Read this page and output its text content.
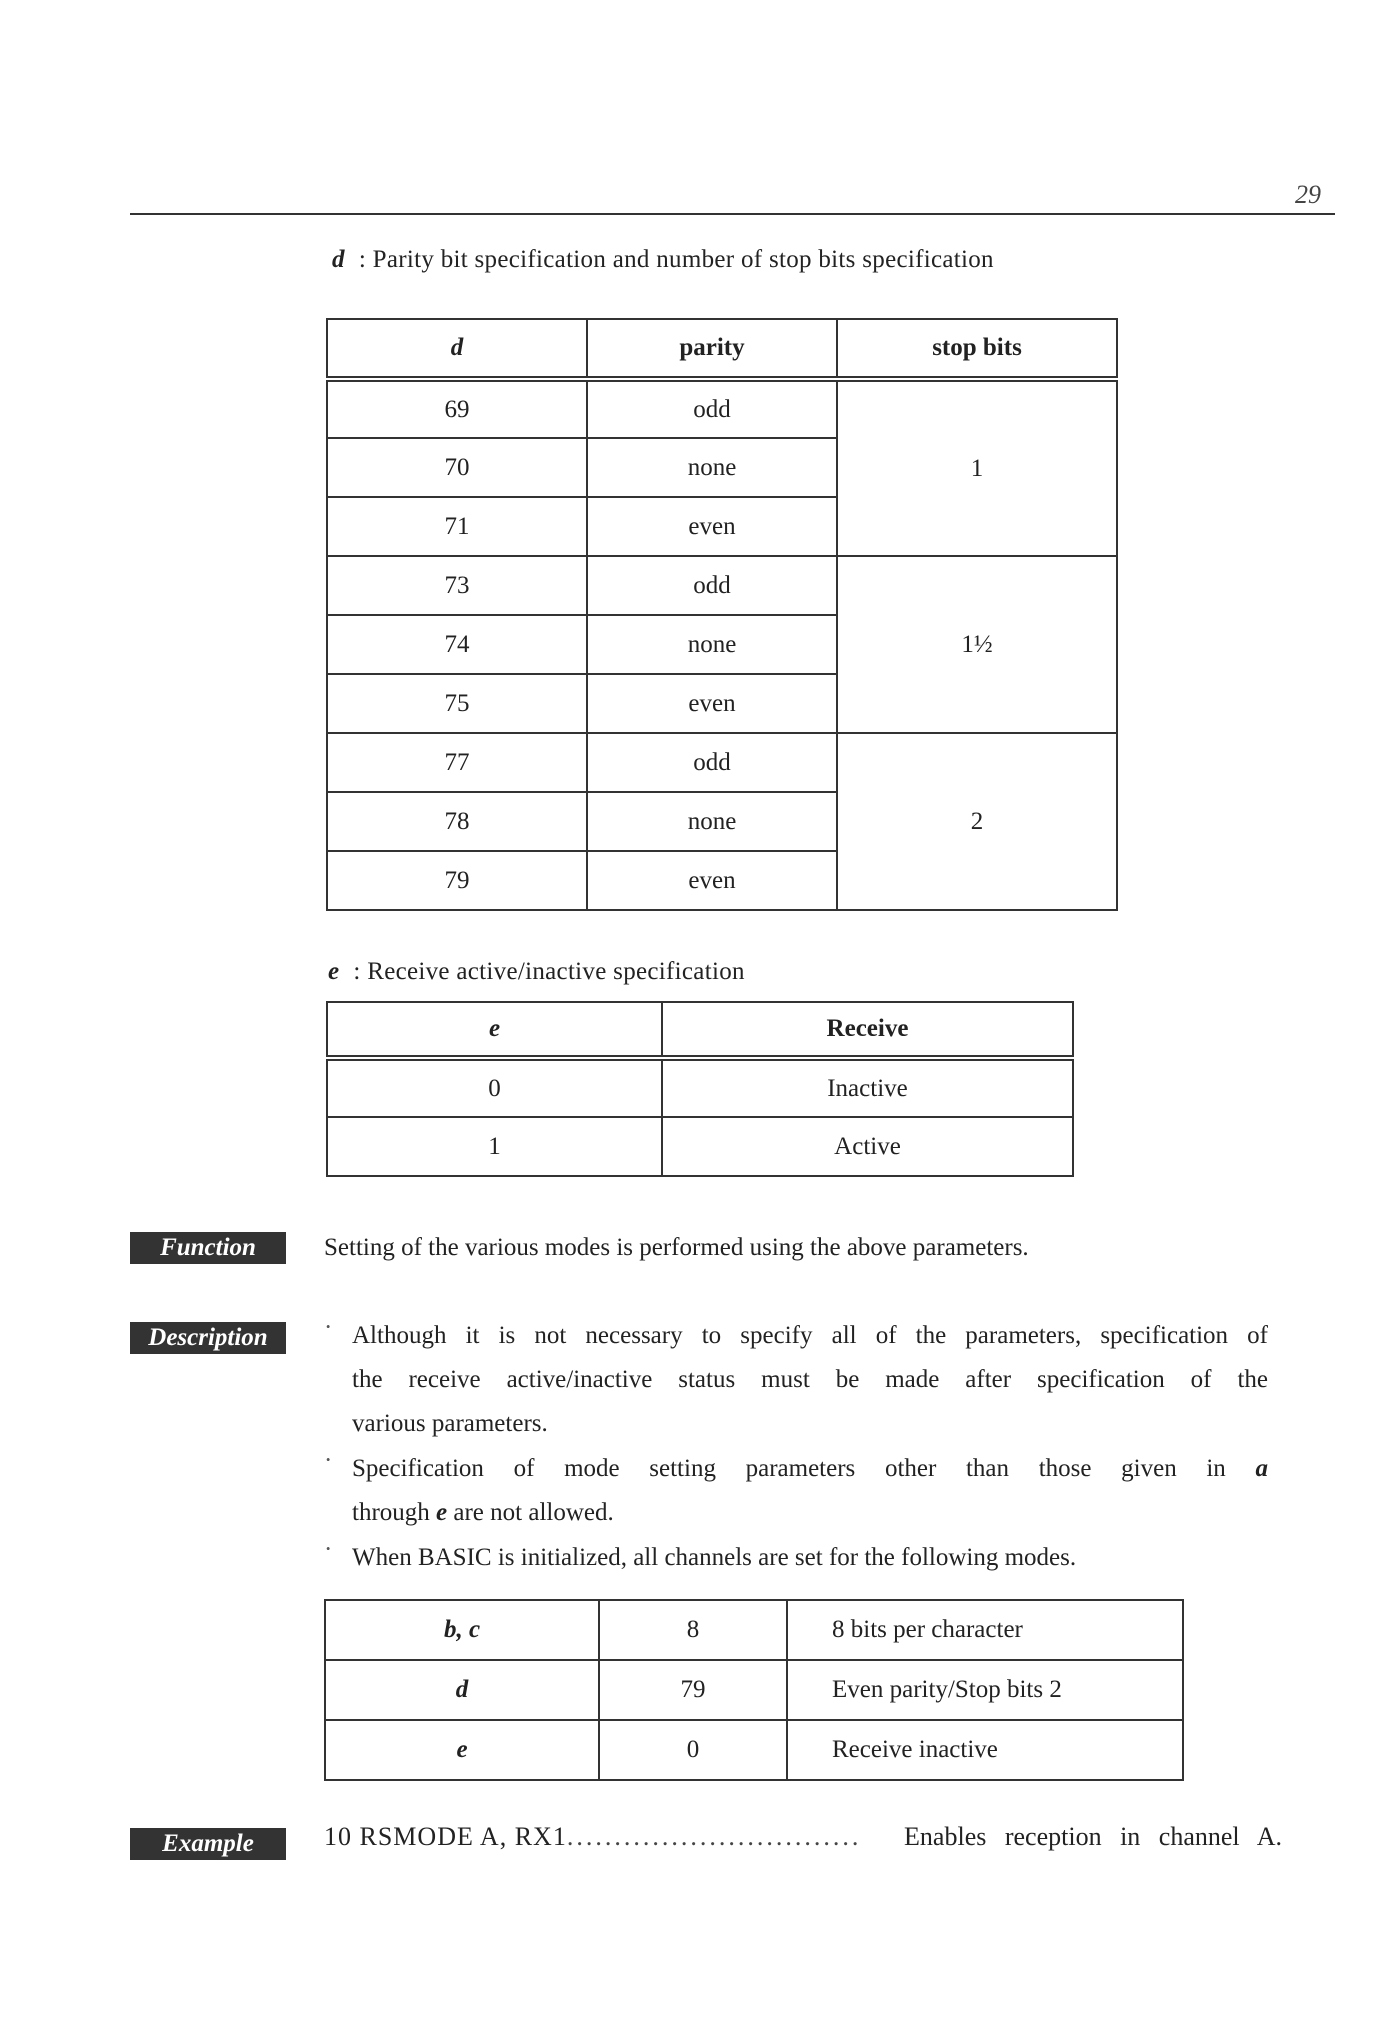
29
d : Parity bit specification and number of stop bits specification
d	parity	stop bits
69	odd	1
70	none	
71	even	
73	odd	1½
74	none	
75	even	
77	odd	2
78	none	
79	even	
e : Receive active/inactive specification
e	Receive
0	Inactive
1	Active
Function	Setting of the various modes is performed using the above parameters.
Description	· Although it is not necessary to specify all of the parameters, specification of
the receive active/inactive status must be made after specification of the
various parameters.
· Specification of mode setting parameters other than those given in a
through e are not allowed.
· When BASIC is initialized, all channels are set for the following modes.
b, c	8	8 bits per character
d	79	Even parity/Stop bits 2
e	0	Receive inactive
Example	10 RSMODE A, RX1 ...............................	Enables reception in channel A.
